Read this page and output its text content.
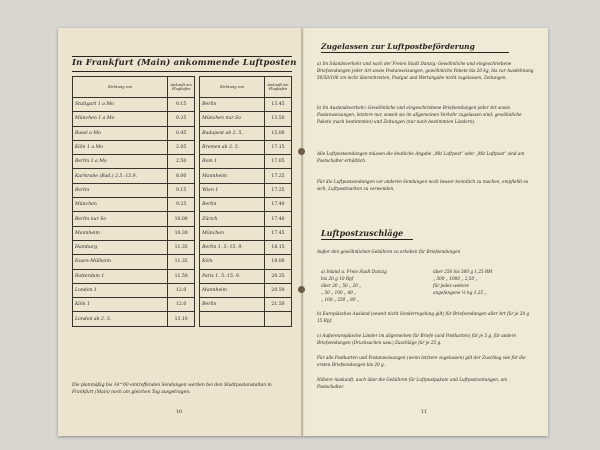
In Frankfurt (Main) ankommende Luftposten
Richtung von	Ankunft am Flughafen		Richtung von	Ankunft am Flughafen
Stuttgart 1 a Mo	0.15		Berlin	13.45
München 1 a Mo	0.25		München nur So	13.50
Basel a Mo	0.45		Budapest ab 2. 5.	15.00
Köln 1 a Mo	2.05		Bremen ab 2. 5.	17.15
Berlin 1 a Mo	2.50		Rom 1	17.05
Karlsruhe (Bad.) 2.5.-15.9.	8.00		Mannheim	17.25
Berlin	9.15		Wien 1	17.25
München	9.25		Berlin	17.40
Berlin nur So	10.00		Zürich	17.40
Mannheim	10.30		München	17.45
Hamburg	11.35		Berlin 1. 5.-15. 9.	18.15
Essen-Mülheim	11.35		Köln	19.00
Rotterdam 1	11.50		Paris 1. 5.-15. 9.	20.35
London 1	12.0		Mannheim	20.50
Köln 1	12.0		Berlin	21.50
London ab 2. 5.	13.10			
Die planmäßig bis 14^00 eintreffenden Sendungen werden bei den Stadtpostanstalten in Frankfurt (Main) noch am gleichen Tag ausgetragen.
10
Zugelassen zur Luftpostbeförderung
a) Im Inlandsverkehr und nach der Freien Stadt Danzig: Gewöhnliche und eingeschriebene Briefsendungen jeder Art sowie Postanweisungen, gewöhnliche Pakete bis 20 kg, bis zur Ausdehnung 50/50/100 cm nicht überschreiten, Postgut und Wertangabe nicht zugelassen, Zeitungen.
b) Im Auslandsverkehr: Gewöhnliche und eingeschriebene Briefsendungen jeder Art sowie Postanweisungen, letztere nur, soweit sie im allgemeinen Verkehr zugelassen sind; gewöhnliche Pakete (nach bestimmten) und Zeitungen (nur nach bestimmten Ländern).
Alle Luftpostsendungen müssen die deutliche Angabe „Mit Luftpost“ oder „Mit Luftpost“ sind am Postschalter erhältlich.
Für die Luftpostsendungen vor anderen Sendungen noch besser kenntlich zu machen, empfiehlt es sich, Luftpostmarken zu verwenden.
Luftpostzuschläge
Außer den gewöhnlichen Gebühren zu erheben für Briefsendungen
a) Inland u. Freie Stadt Danzig
bis 20 g 10 Rpf
über 20 „ 50 „ 20 „
„ 50 „ 100 „ 40 „
„ 100 „ 250 „ 80 „
über 250 bis 500 g 1,25 RM
„ 500 „ 1000 „ 2,50 „
für jedes weitere
angefangene ½ kg 1,25 „
b) Europäisches Ausland (soweit nicht Sonderregelung gilt) für Briefsendungen aller Art für je 20 g 15 Rpf.
c) Außereuropäische Länder im allgemeinen für Briefe (und Postkarten) für je 5 g, für andere Briefsendungen (Drucksachen usw.) Zuschläge für je 25 g.
Für alle Postkarten und Postanweisungen (wenn letztere zugelassen) gilt der Zuschlag wie für die ersten Briefsendungen bis 20 g.
Nähere Auskunft, auch über die Gebühren für Luftpostpakete und Luftpostzeitungen, am Postschalter.
11
